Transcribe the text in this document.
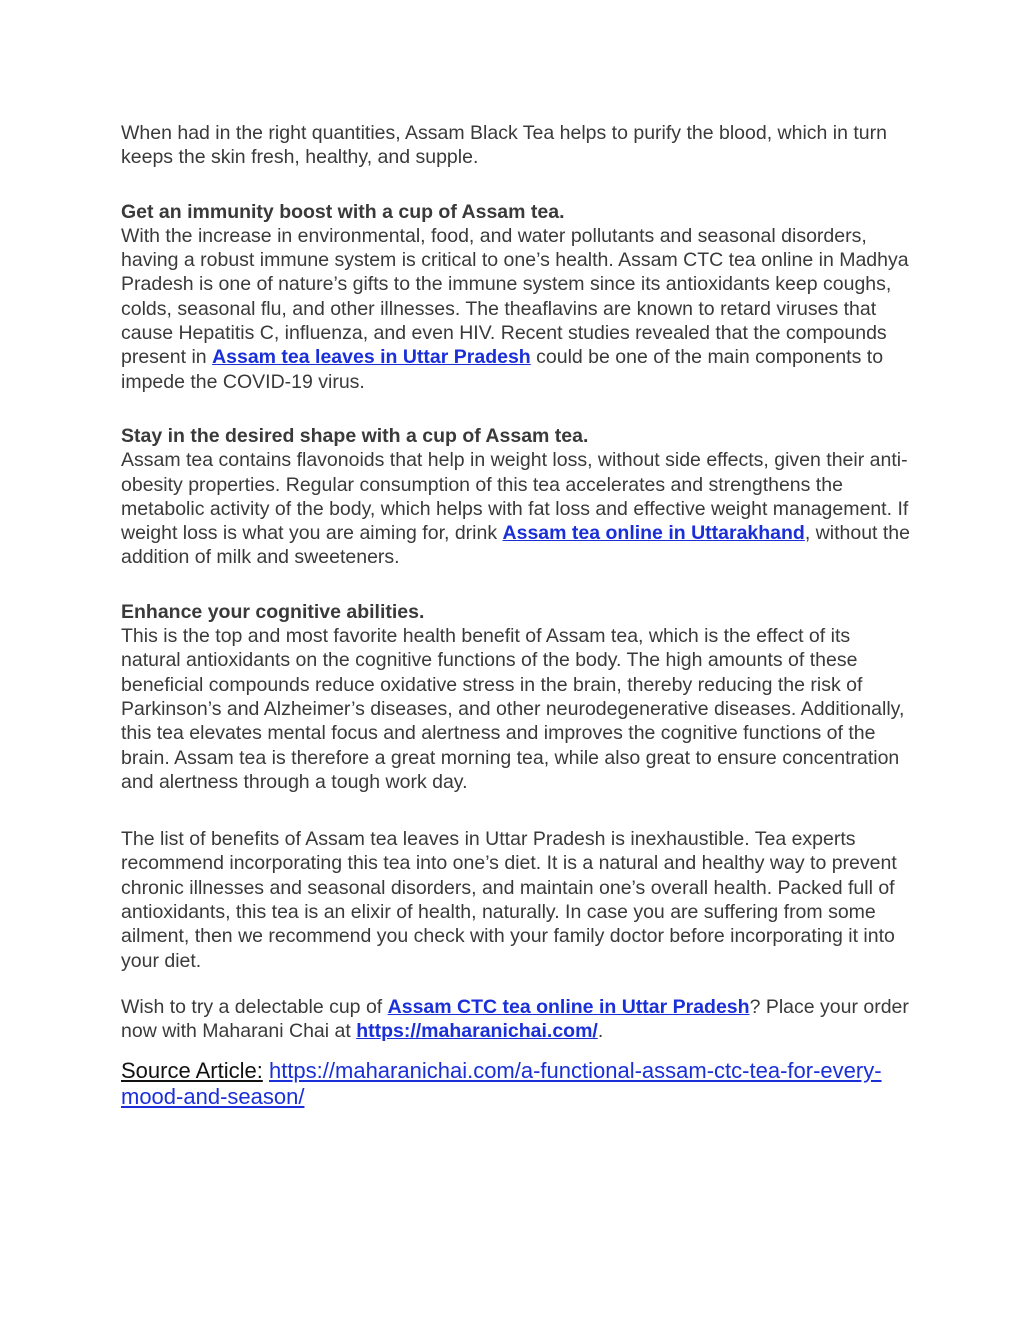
When had in the right quantities, Assam Black Tea helps to purify the blood, which in turn keeps the skin fresh, healthy, and supple.

Get an immunity boost with a cup of Assam tea.

With the increase in environmental, food, and water pollutants and seasonal disorders, having a robust immune system is critical to one’s health. Assam CTC tea online in Madhya Pradesh is one of nature’s gifts to the immune system since its antioxidants keep coughs, colds, seasonal flu, and other illnesses. The theaflavins are known to retard viruses that cause Hepatitis C, influenza, and even HIV. Recent studies revealed that the compounds present in Assam tea leaves in Uttar Pradesh could be one of the main components to impede the COVID-19 virus.

Stay in the desired shape with a cup of Assam tea.

Assam tea contains flavonoids that help in weight loss, without side effects, given their anti-obesity properties. Regular consumption of this tea accelerates and strengthens the metabolic activity of the body, which helps with fat loss and effective weight management. If weight loss is what you are aiming for, drink Assam tea online in Uttarakhand, without the addition of milk and sweeteners.

Enhance your cognitive abilities.

This is the top and most favorite health benefit of Assam tea, which is the effect of its natural antioxidants on the cognitive functions of the body. The high amounts of these beneficial compounds reduce oxidative stress in the brain, thereby reducing the risk of Parkinson’s and Alzheimer’s diseases, and other neurodegenerative diseases. Additionally, this tea elevates mental focus and alertness and improves the cognitive functions of the brain. Assam tea is therefore a great morning tea, while also great to ensure concentration and alertness through a tough work day.

The list of benefits of Assam tea leaves in Uttar Pradesh is inexhaustible. Tea experts recommend incorporating this tea into one’s diet. It is a natural and healthy way to prevent chronic illnesses and seasonal disorders, and maintain one’s overall health. Packed full of antioxidants, this tea is an elixir of health, naturally. In case you are suffering from some ailment, then we recommend you check with your family doctor before incorporating it into your diet.

Wish to try a delectable cup of Assam CTC tea online in Uttar Pradesh? Place your order now with Maharani Chai at https://maharanichai.com/.

Source Article: https://maharanichai.com/a-functional-assam-ctc-tea-for-every-mood-and-season/
